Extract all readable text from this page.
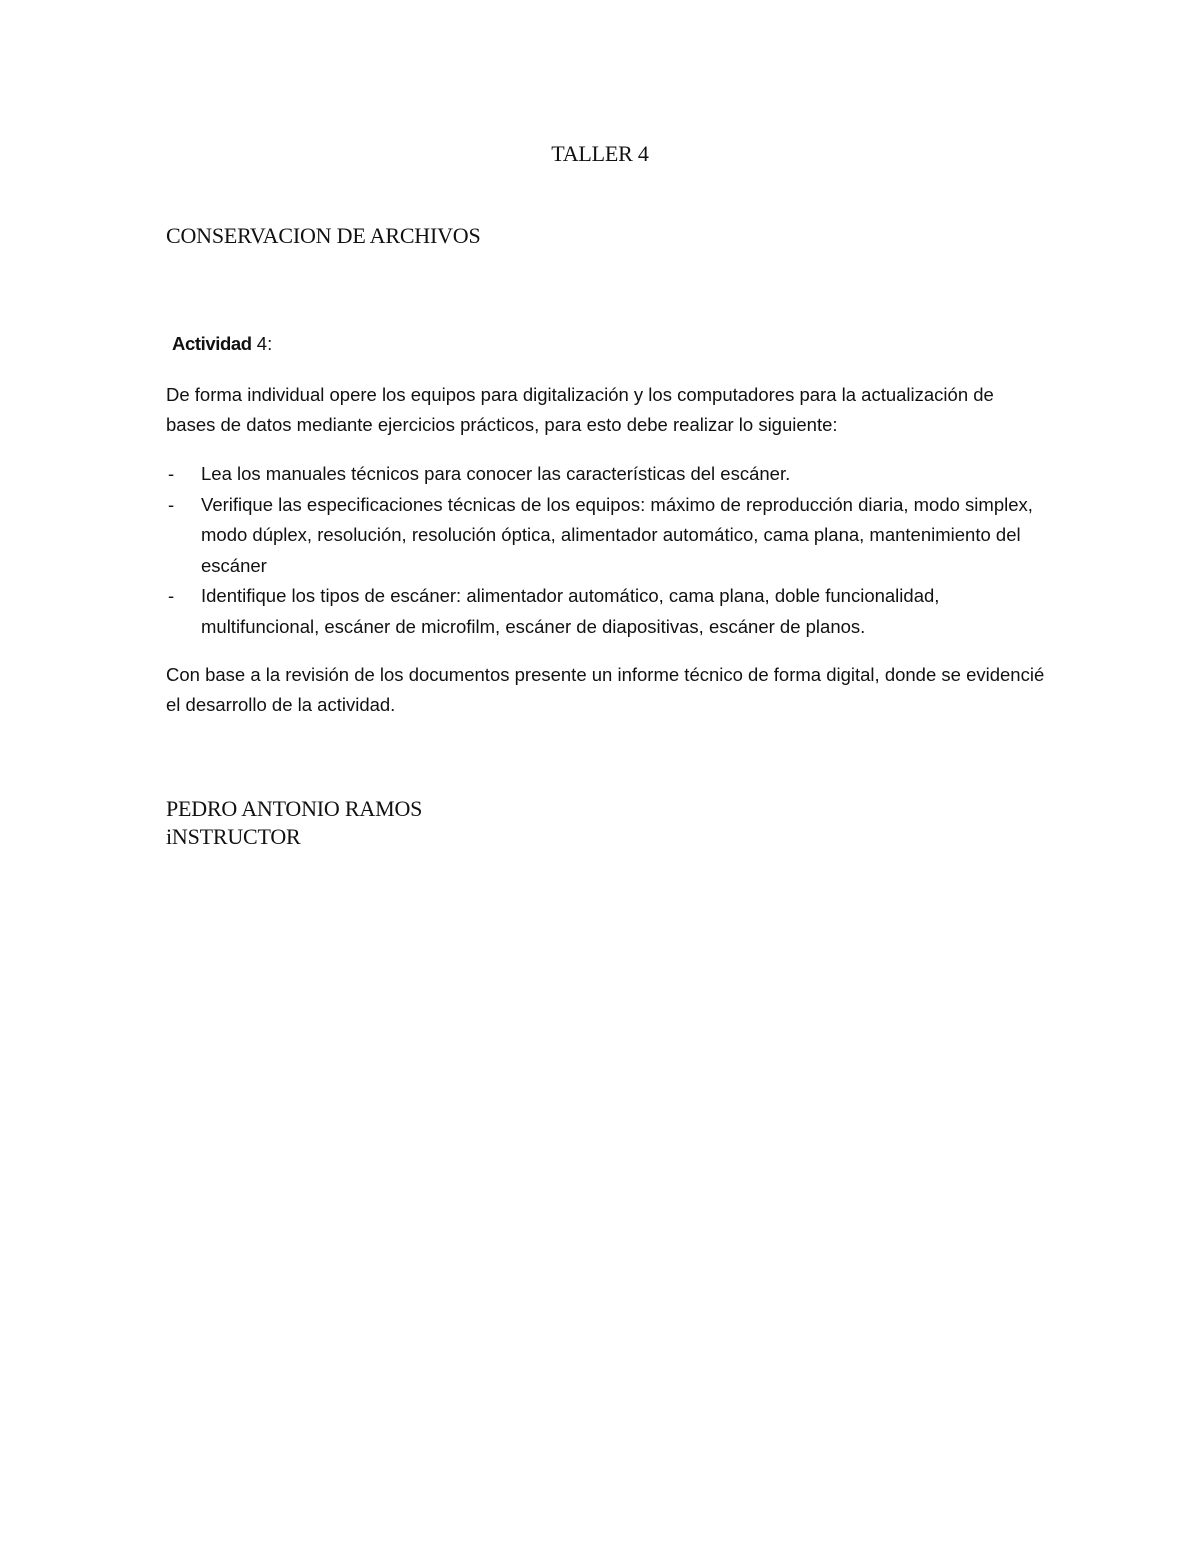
TALLER 4
CONSERVACION DE ARCHIVOS
Actividad 4:

De forma individual opere los equipos para digitalización y los computadores para la actualización de bases de datos mediante ejercicios prácticos, para esto debe realizar lo siguiente:

- Lea los manuales técnicos para conocer las características del escáner.
- Verifique las especificaciones técnicas de los equipos: máximo de reproducción diaria, modo simplex, modo dúplex, resolución, resolución óptica, alimentador automático, cama plana, mantenimiento del escáner
- Identifique los tipos de escáner: alimentador automático, cama plana, doble funcionalidad, multifuncional, escáner de microfilm, escáner de diapositivas, escáner de planos.

Con base a la revisión de los documentos presente un informe técnico de forma digital, donde se evidencié el desarrollo de la actividad.

PEDRO ANTONIO RAMOS
iNSTRUCTOR
